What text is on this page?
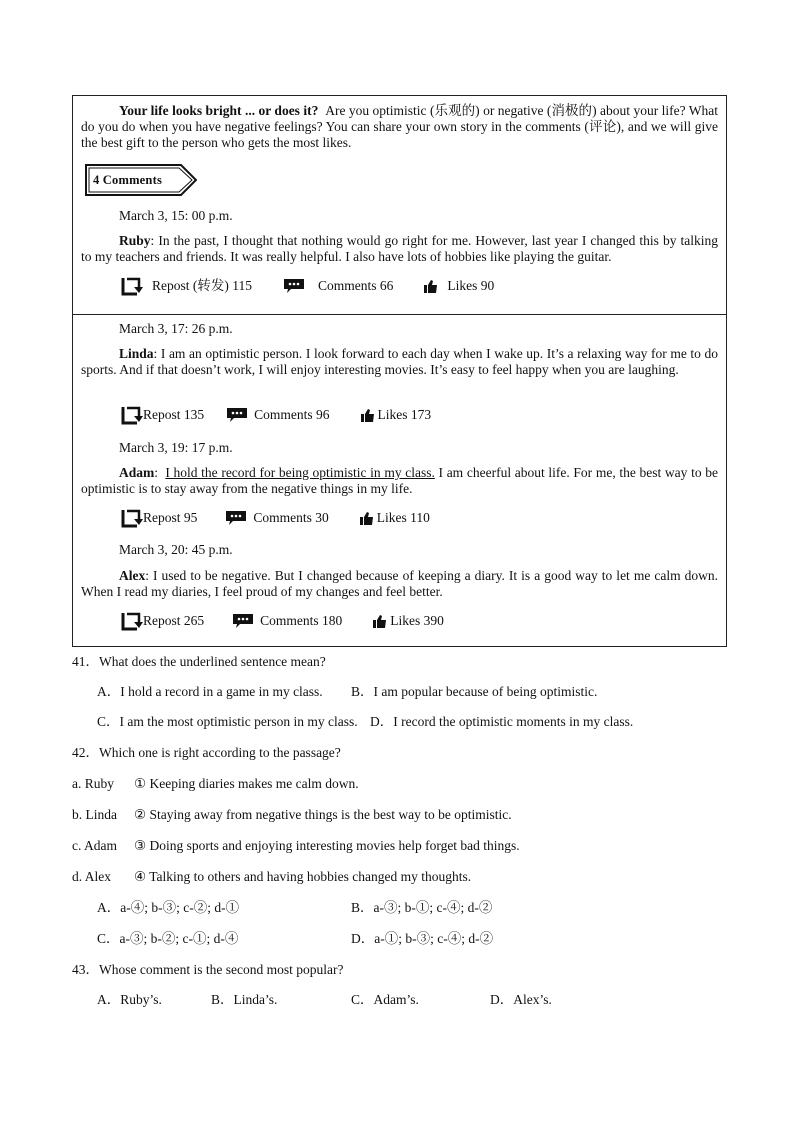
Your life looks bright ... or does it? Are you optimistic (乐观的) or negative (消极的) about your life? What do you do when you have negative feelings? You can share your own story in the comments (评论), and we will give the best gift to the person who gets the most likes.
4 Comments
March 3, 15: 00 p.m.
Ruby: In the past, I thought that nothing would go right for me. However, last year I changed this by talking to my teachers and friends. It was really helpful. I also have lots of hobbies like playing the guitar.
Repost (转发) 115	Comments 66	Likes 90
March 3, 17: 26 p.m.
Linda: I am an optimistic person. I look forward to each day when I wake up. It’s a relaxing way for me to do sports. And if that doesn’t work, I will enjoy interesting movies. It’s easy to feel happy when you are laughing.
Repost 135	Comments 96	Likes 173
March 3, 19: 17 p.m.
Adam:  I hold the record for being optimistic in my class. I am cheerful about life. For me, the best way to be optimistic is to stay away from the negative things in my life.
Repost 95	Comments 30	Likes 110
March 3, 20: 45 p.m.
Alex: I used to be negative. But I changed because of keeping a diary. It is a good way to let me calm down. When I read my diaries, I feel proud of my changes and feel better.
Repost 265	Comments 180	Likes 390
41．What does the underlined sentence mean?
A．I hold a record in a game in my class. B．I am popular because of being optimistic.
C．I am the most optimistic person in my class. D．I record the optimistic moments in my class.
42．Which one is right according to the passage?
a. Ruby ① Keeping diaries makes me calm down.
b. Linda ② Staying away from negative things is the best way to be optimistic.
c. Adam ③ Doing sports and enjoying interesting movies help forget bad things.
d. Alex ④ Talking to others and having hobbies changed my thoughts.
A．a-④; b-③; c-②; d-①	B．a-③; b-①; c-④; d-②
C．a-③; b-②; c-①; d-④	D．a-①; b-③; c-④; d-②
43．Whose comment is the second most popular?
A．Ruby’s.	B．Linda’s.	C．Adam’s.	D．Alex’s.
